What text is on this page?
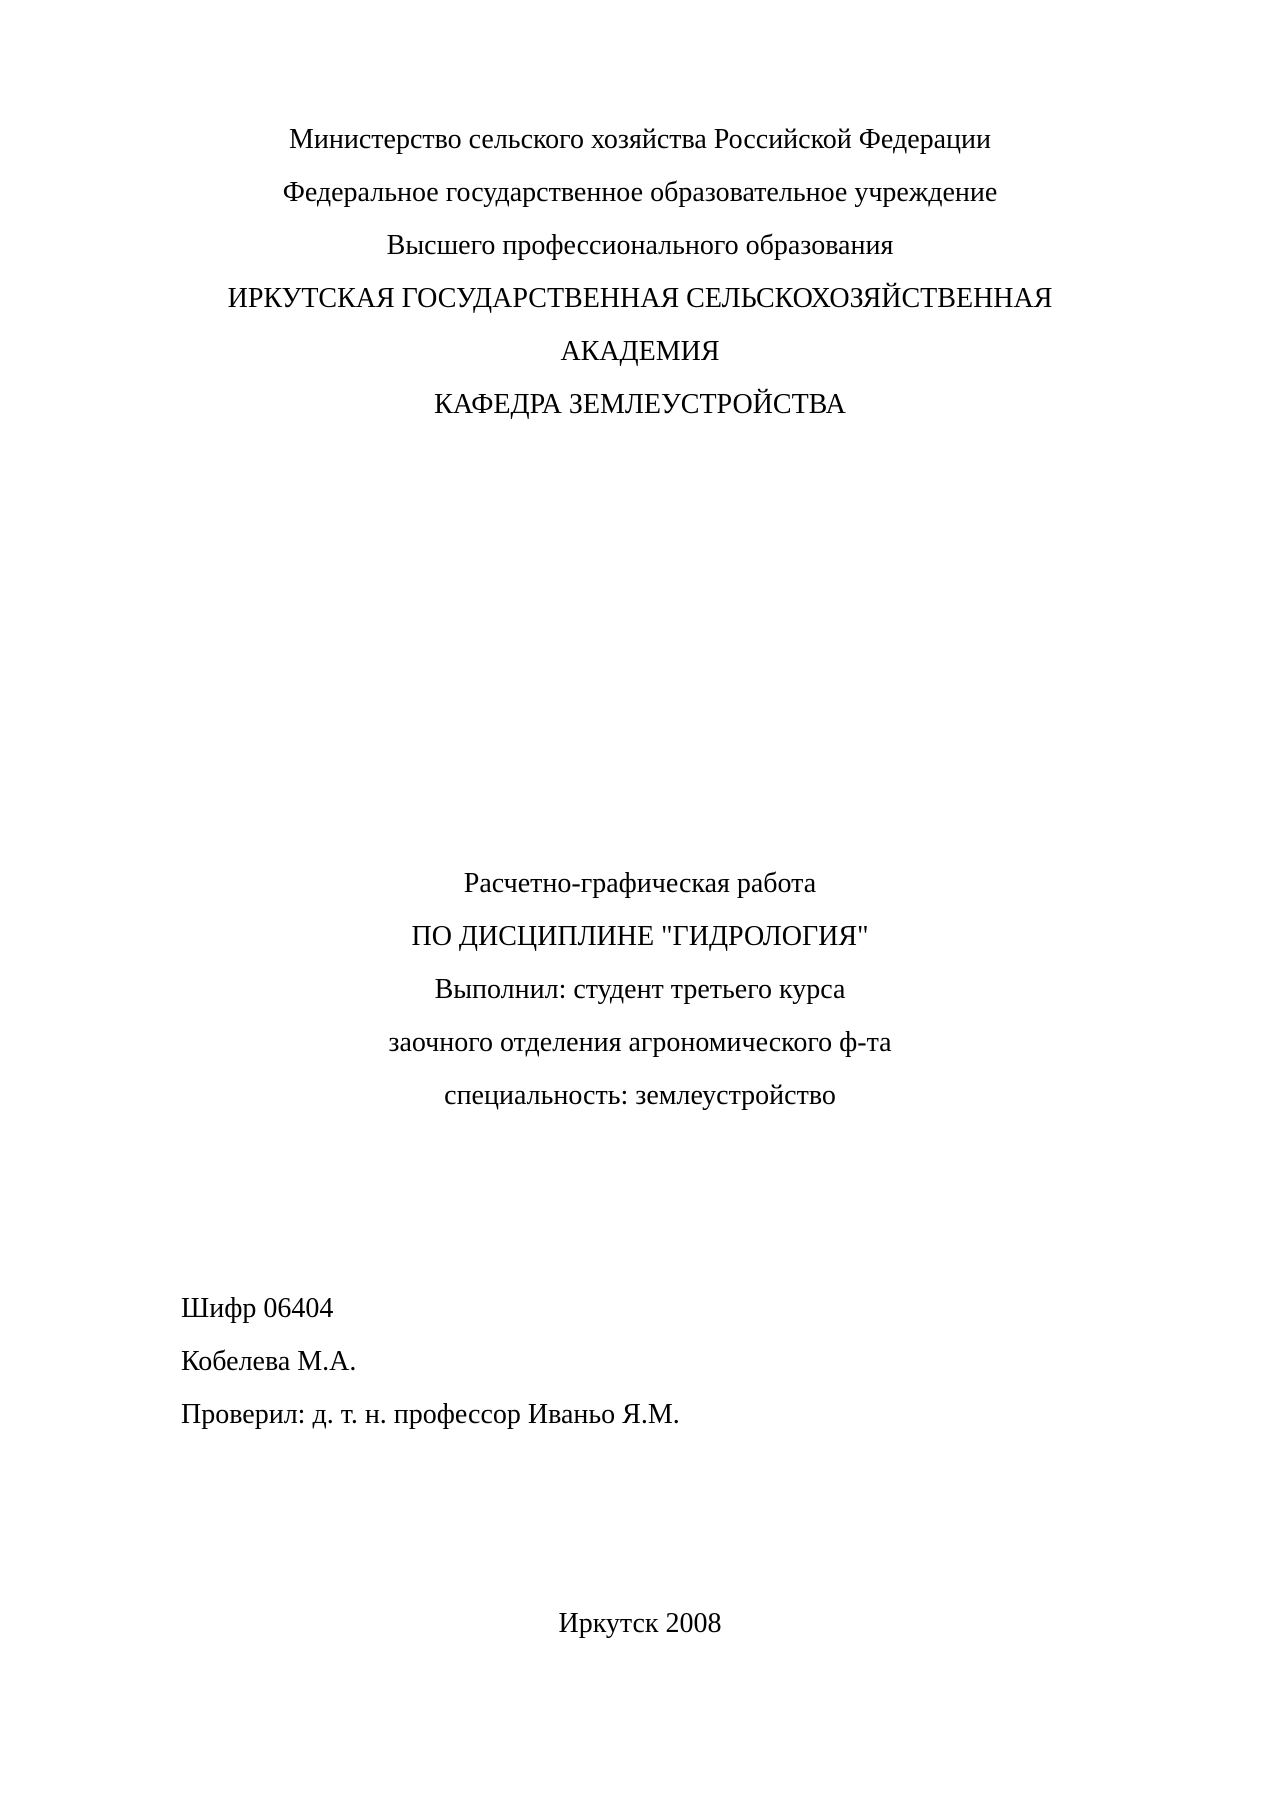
Министерство сельского хозяйства Российской Федерации
Федеральное государственное образовательное учреждение
Высшего профессионального образования
ИРКУТСКАЯ ГОСУДАРСТВЕННАЯ СЕЛЬСКОХОЗЯЙСТВЕННАЯ
АКАДЕМИЯ
КАФЕДРА ЗЕМЛЕУСТРОЙСТВА
Расчетно-графическая работа
ПО ДИСЦИПЛИНЕ "ГИДРОЛОГИЯ"
Выполнил: студент третьего курса
заочного отделения агрономического ф-та
специальность: землеустройство
Шифр 06404
Кобелева М.А.
Проверил: д. т. н. профессор Иваньо Я.М.
Иркутск 2008
